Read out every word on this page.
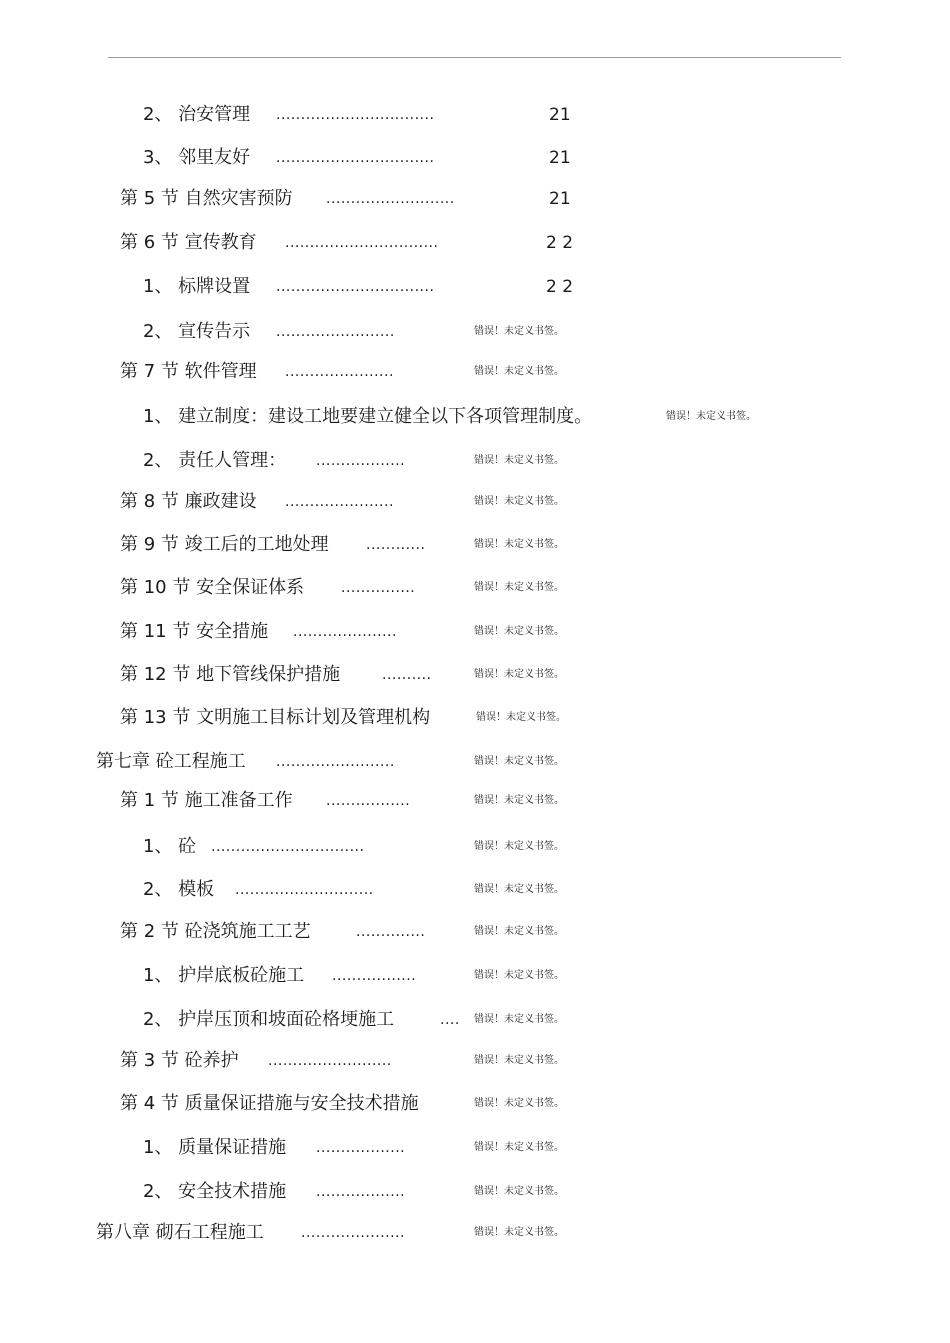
2、 治安管理 ................................	21
3、 邻里友好 ................................	21
第 5 节 自然灾害预防 ..........................	21
第 6 节 宣传教育 ...............................	2 2
1、 标牌设置 ................................	2 2
2、 宣传告示 ........................	错误！未定义书签。
第 7 节 软件管理 ......................	错误！未定义书签。
1、 建立制度：建设工地要建立健全以下各项管理制度。	错误！未定义书签。
2、 责任人管理： ..................	错误！未定义书签。
第 8 节 廉政建设 ......................	错误！未定义书签。
第 9 节 竣工后的工地处理	............	错误！未定义书签。
第 10 节 安全保证体系	...............	错误！未定义书签。
第 11 节 安全措施 .....................	错误！未定义书签。
第 12 节 地下管线保护措施	..........	错误！未定义书签。
第 13 节 文明施工目标计划及管理机构	错误！未定义书签。
第七章 砼工程施工 ........................	错误！未定义书签。
第 1 节 施工准备工作 .................	错误！未定义书签。
1、 砼 ...............................	错误！未定义书签。
2、 模板 ............................	错误！未定义书签。
第 2 节 砼浇筑施工工艺	..............	错误！未定义书签。
1、 护岸底板砼施工 .................	错误！未定义书签。
2、 护岸压顶和坡面砼格埂施工	.... 错误！未定义书签。
第 3 节 砼养护 .........................	错误！未定义书签。
第 4 节 质量保证措施与安全技术措施	错误！未定义书签。
1、 质量保证措施 ..................	错误！未定义书签。
2、 安全技术措施 ..................	错误！未定义书签。
第八章 砌石工程施工	.....................	错误！未定义书签。
